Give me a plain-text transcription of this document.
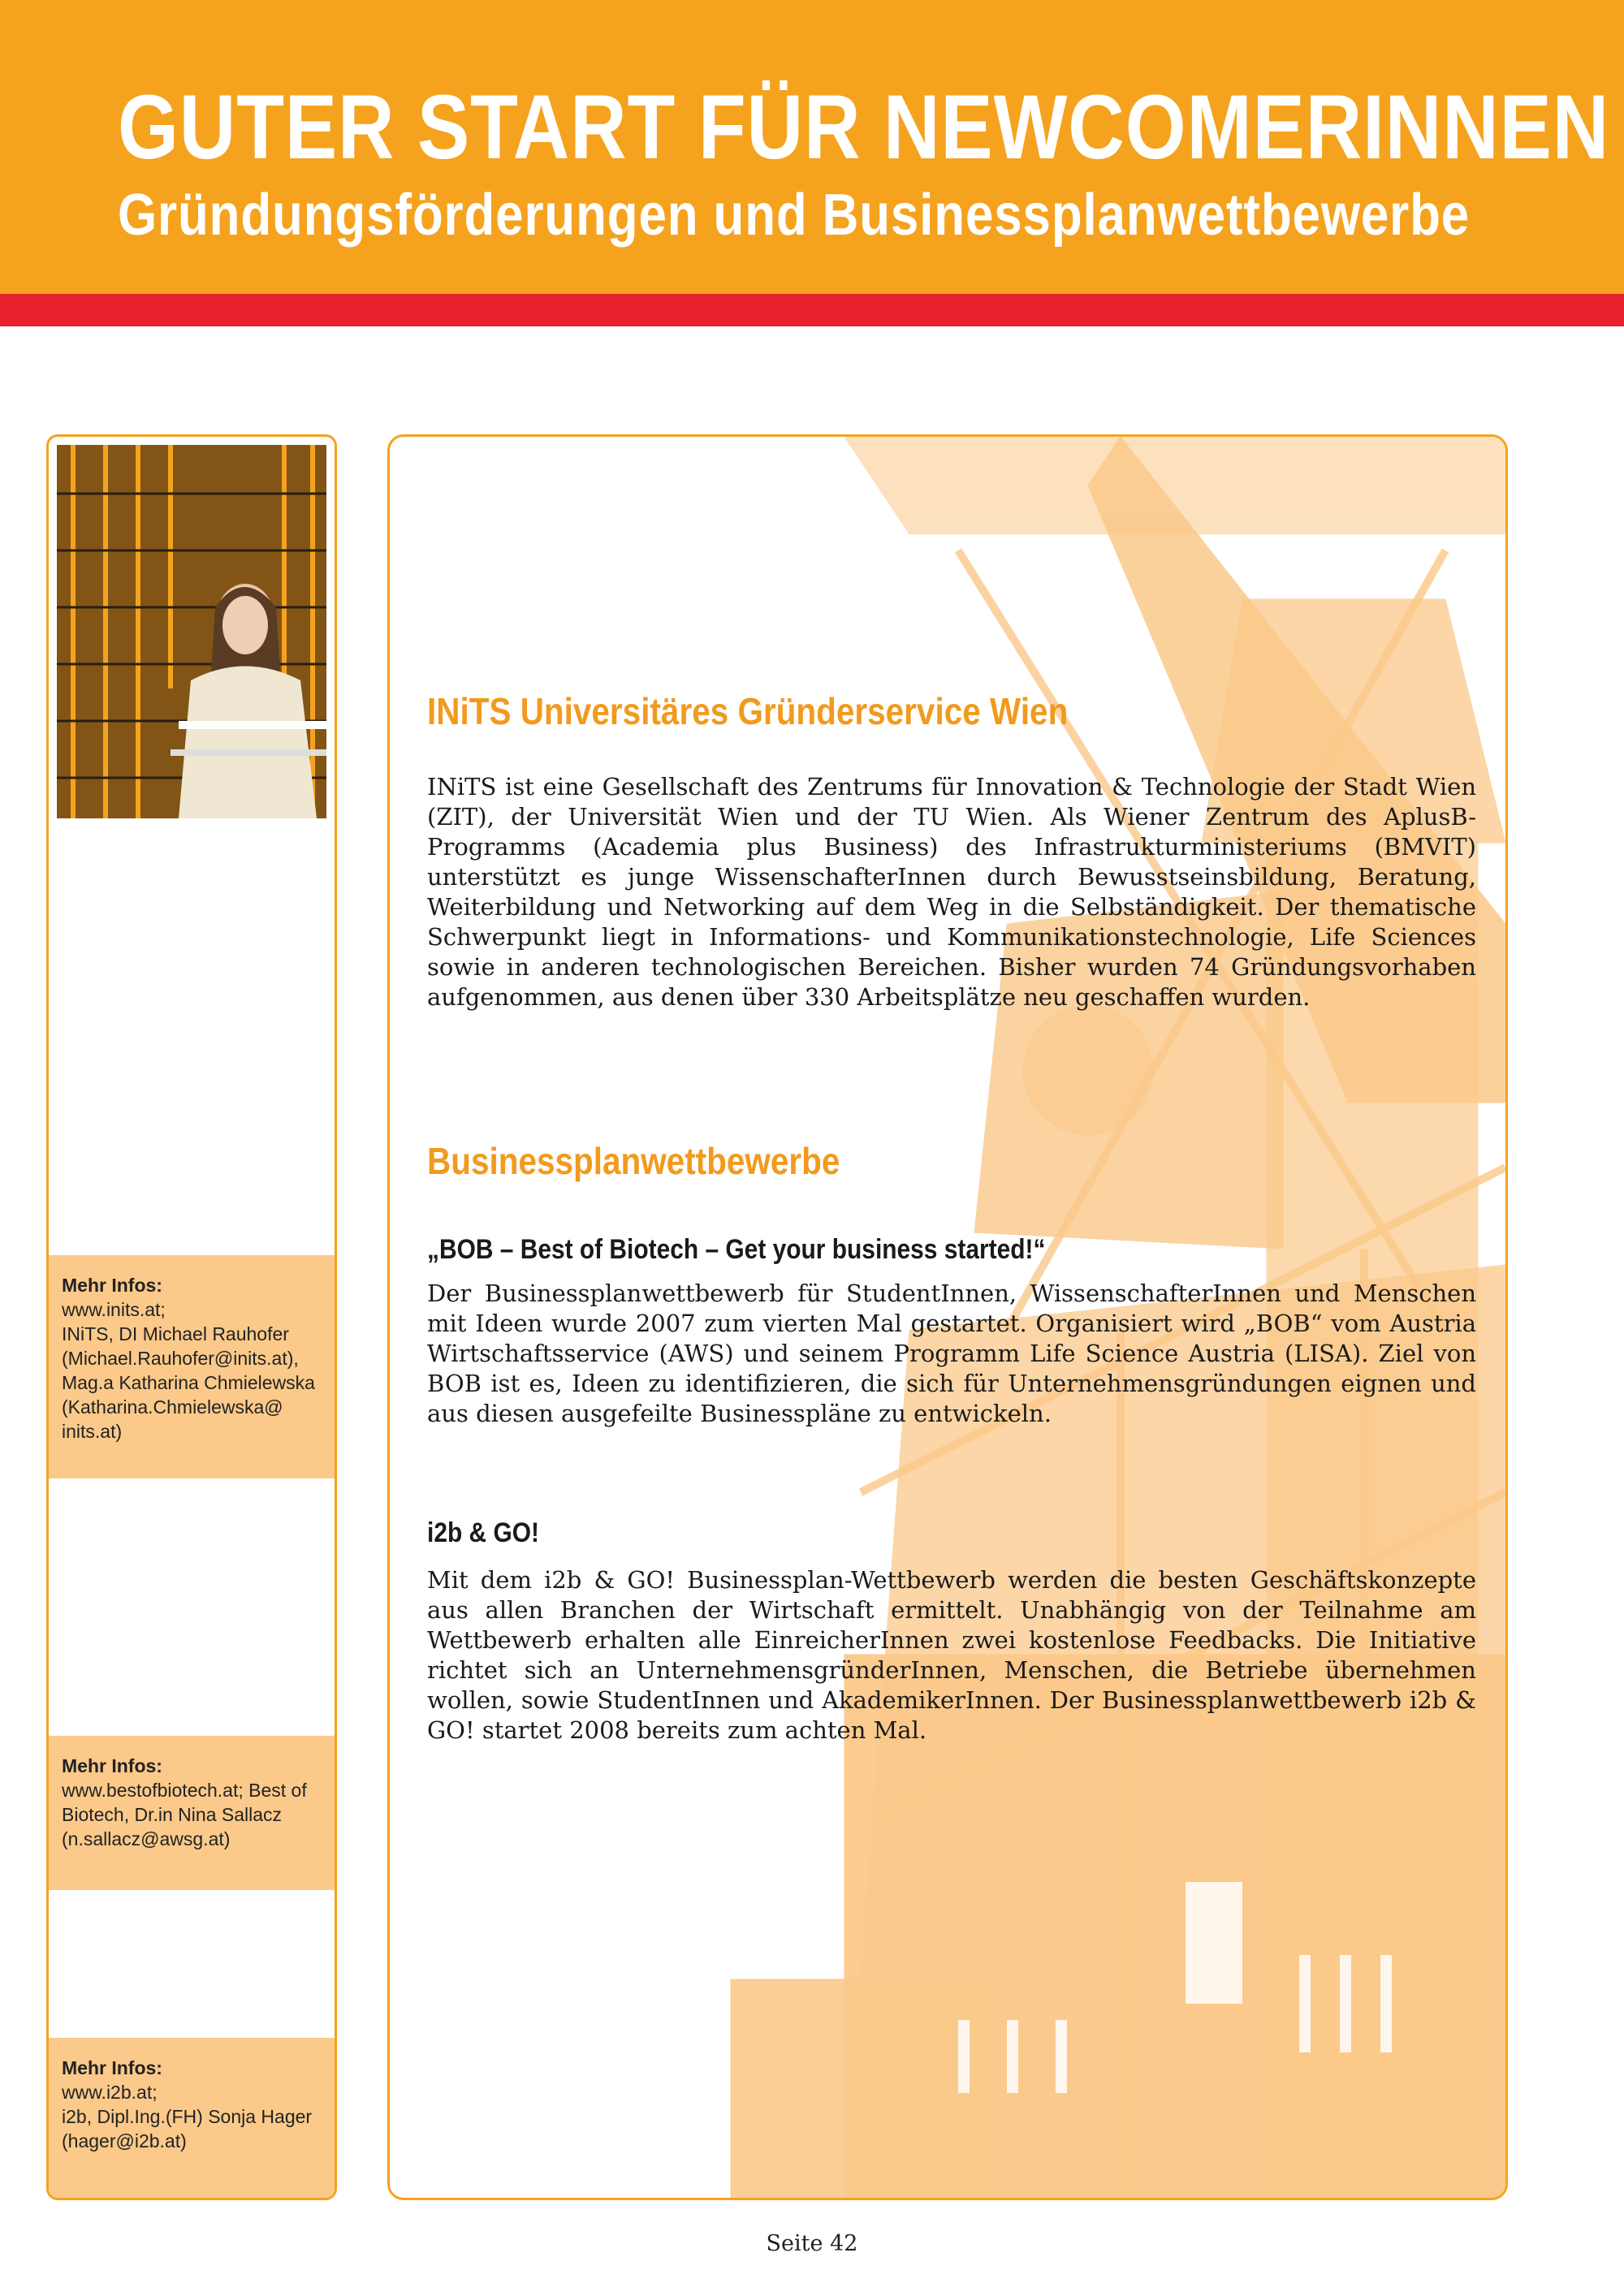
GUTER START FÜR NEWCOMERINNEN
Gründungsförderungen und Businessplanwettbewerbe
Mehr Infos:
www.inits.at;
INiTS, DI Michael Rauhofer
(Michael.Rauhofer@inits.at),
Mag.a Katharina Chmielewska
(Katharina.Chmielewska@
inits.at)
Mehr Infos:
www.bestofbiotech.at; Best of
Biotech, Dr.in Nina Sallacz
(n.sallacz@awsg.at)
Mehr Infos:
www.i2b.at;
i2b, Dipl.Ing.(FH) Sonja Hager
(hager@i2b.at)
INiTS Universitäres Gründerservice Wien

INiTS ist eine Gesellschaft des Zentrums für Innovation & Technologie der Stadt Wien (ZIT), der Universität Wien und der TU Wien. Als Wiener Zentrum des AplusB-Programms (Academia plus Business) des Infrastrukturministeriums (BMVIT) unterstützt es junge WissenschafterInnen durch Bewusstseinsbildung, Beratung, Weiterbildung und Networking auf dem Weg in die Selbständigkeit. Der thematische Schwerpunkt liegt in Informations- und Kommunikationstechnologie, Life Sciences sowie in anderen technologischen Bereichen. Bisher wurden 74 Gründungsvorhaben aufgenommen, aus denen über 330 Arbeitsplätze neu geschaffen wurden.

Businessplanwettbewerbe
„BOB – Best of Biotech – Get your business started!“

Der Businessplanwettbewerb für StudentInnen, WissenschafterInnen und Menschen mit Ideen wurde 2007 zum vierten Mal gestartet. Organisiert wird „BOB“ vom Austria Wirtschaftsservice (AWS) und seinem Programm Life Science Austria (LISA). Ziel von BOB ist es, Ideen zu identifizieren, die sich für Unternehmensgründungen eignen und aus diesen ausgefeilte Businesspläne zu entwickeln.

i2b & GO!

Mit dem i2b & GO! Businessplan-Wettbewerb werden die besten Geschäftskonzepte aus allen Branchen der Wirtschaft ermittelt. Unabhängig von der Teilnahme am Wettbewerb erhalten alle EinreicherInnen zwei kostenlose Feedbacks. Die Initiative richtet sich an UnternehmensgründerInnen, Menschen, die Betriebe übernehmen wollen, sowie StudentInnen und AkademikerInnen. Der Businessplanwettbewerb i2b & GO! startet 2008 bereits zum achten Mal.

Seite 42
